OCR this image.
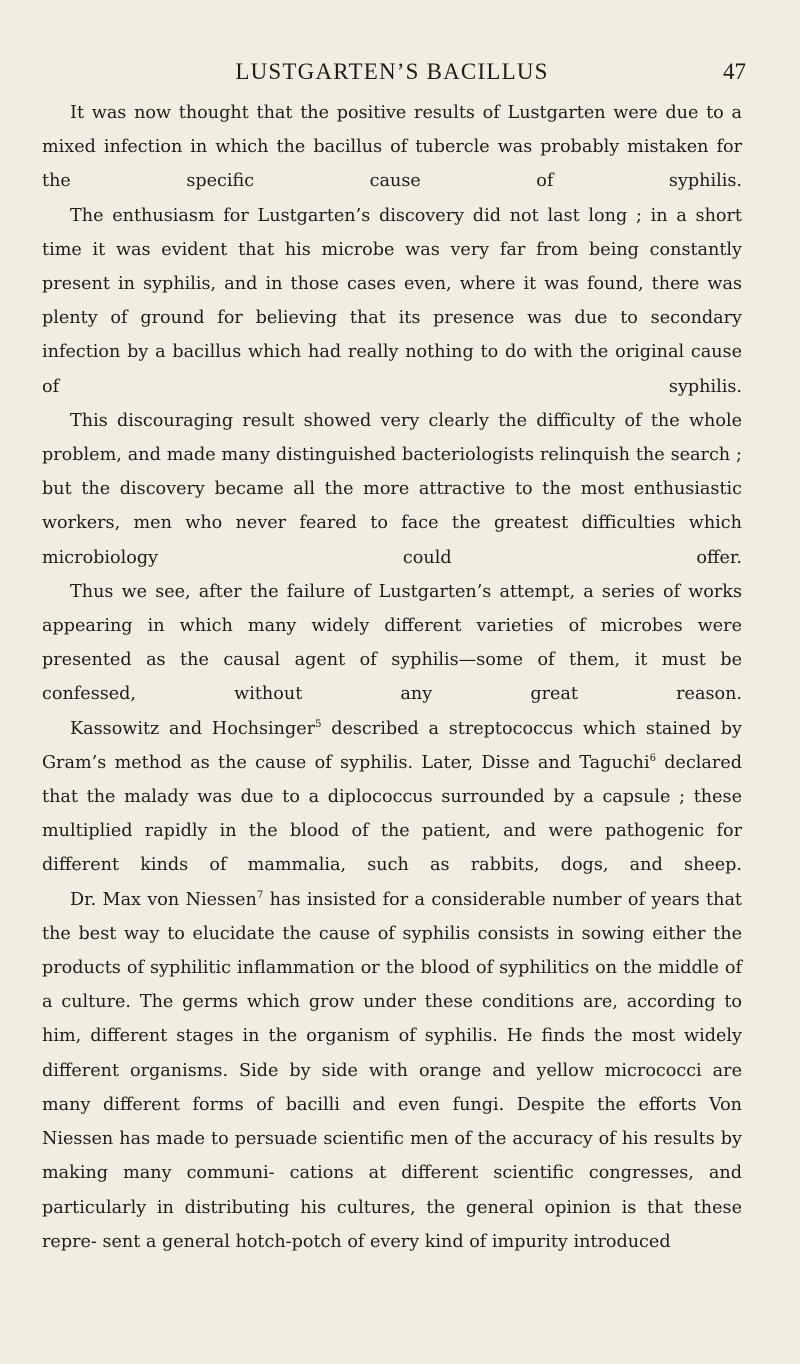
LUSTGARTEN’S BACILLUS	47

It was now thought that the positive results of Lustgarten were due to a mixed infection in which the bacillus of tubercle was probably mistaken for the specific cause of syphilis.

The enthusiasm for Lustgarten’s discovery did not last long ; in a short time it was evident that his microbe was very far from being constantly present in syphilis, and in those cases even, where it was found, there was plenty of ground for believing that its presence was due to secondary infection by a bacillus which had really nothing to do with the original cause of syphilis.

This discouraging result showed very clearly the difficulty of the whole problem, and made many distinguished bacteriologists relinquish the search ; but the discovery became all the more attractive to the most enthusiastic workers, men who never feared to face the greatest difficulties which microbiology could offer.

Thus we see, after the failure of Lustgarten’s attempt, a series of works appearing in which many widely different varieties of microbes were presented as the causal agent of syphilis—some of them, it must be confessed, without any great reason.

Kassowitz and Hochsinger$^5$ described a streptococcus which stained by Gram’s method as the cause of syphilis. Later, Disse and Taguchi$^6$ declared that the malady was due to a diplococcus surrounded by a capsule ; these multiplied rapidly in the blood of the patient, and were pathogenic for different kinds of mammalia, such as rabbits, dogs, and sheep.

Dr. Max von Niessen$^7$ has insisted for a considerable number of years that the best way to elucidate the cause of syphilis consists in sowing either the products of syphilitic inflammation or the blood of syphilitics on the middle of a culture. The germs which grow under these conditions are, according to him, different stages in the organism of syphilis. He finds the most widely different organisms. Side by side with orange and yellow micrococci are many different forms of bacilli and even fungi. Despite the efforts Von Niessen has made to persuade scientific men of the accuracy of his results by making many communi- cations at different scientific congresses, and particularly in distributing his cultures, the general opinion is that these repre- sent a general hotch-potch of every kind of impurity introduced
